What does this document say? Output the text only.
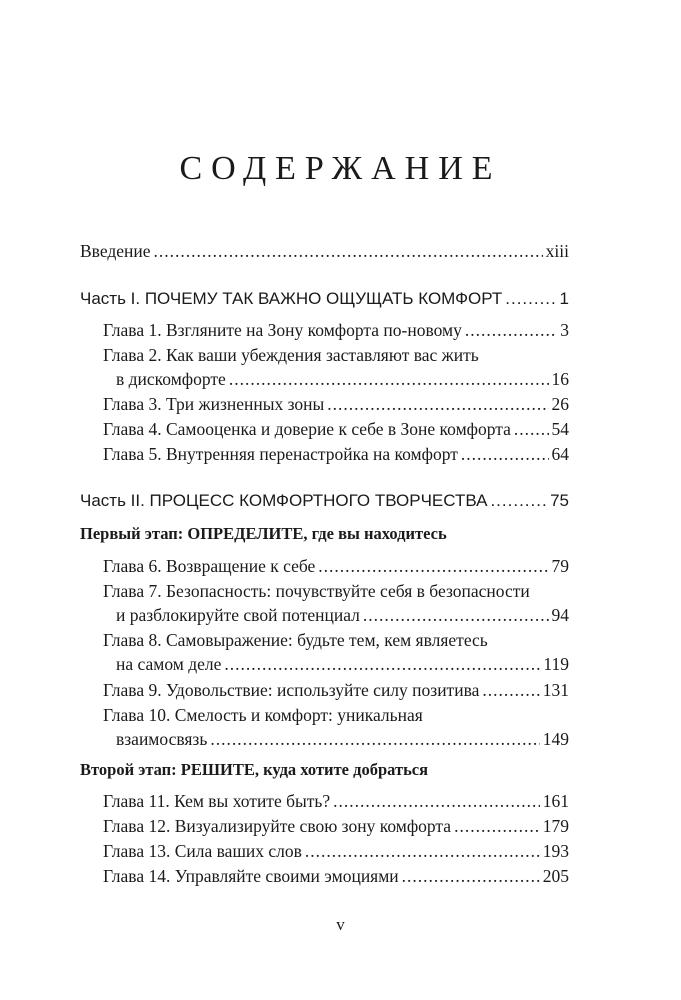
СОДЕРЖАНИЕ
Введение .....	xiii
Часть I. ПОЧЕМУ ТАК ВАЖНО ОЩУЩАТЬ КОМФОРТ .....	1
Глава 1. Взгляните на Зону комфорта по-новому .....	3
Глава 2. Как ваши убеждения заставляют вас жить
в дискомфорте .....	16
Глава 3. Три жизненных зоны .....	26
Глава 4. Самооценка и доверие к себе в Зоне комфорта ..... 54
Глава 5. Внутренняя перенастройка на комфорт .....	64
Часть II. ПРОЦЕСС КОМФОРТНОГО ТВОРЧЕСТВА .....	75
Первый этап: ОПРЕДЕЛИТЕ, где вы находитесь
Глава 6. Возвращение к себе .....	79
Глава 7. Безопасность: почувствуйте себя в безопасности
и разблокируйте свой потенциал .....	94
Глава 8. Самовыражение: будьте тем, кем являетесь
на самом деле .....	119
Глава 9. Удовольствие: используйте силу позитива .....	131
Глава 10. Смелость и комфорт: уникальная
взаимосвязь .....	149
Второй этап: РЕШИТЕ, куда хотите добраться
Глава 11. Кем вы хотите быть? .....	161
Глава 12. Визуализируйте свою зону комфорта .....	179
Глава 13. Сила ваших слов .....	193
Глава 14. Управляйте своими эмоциями .....	205
v
